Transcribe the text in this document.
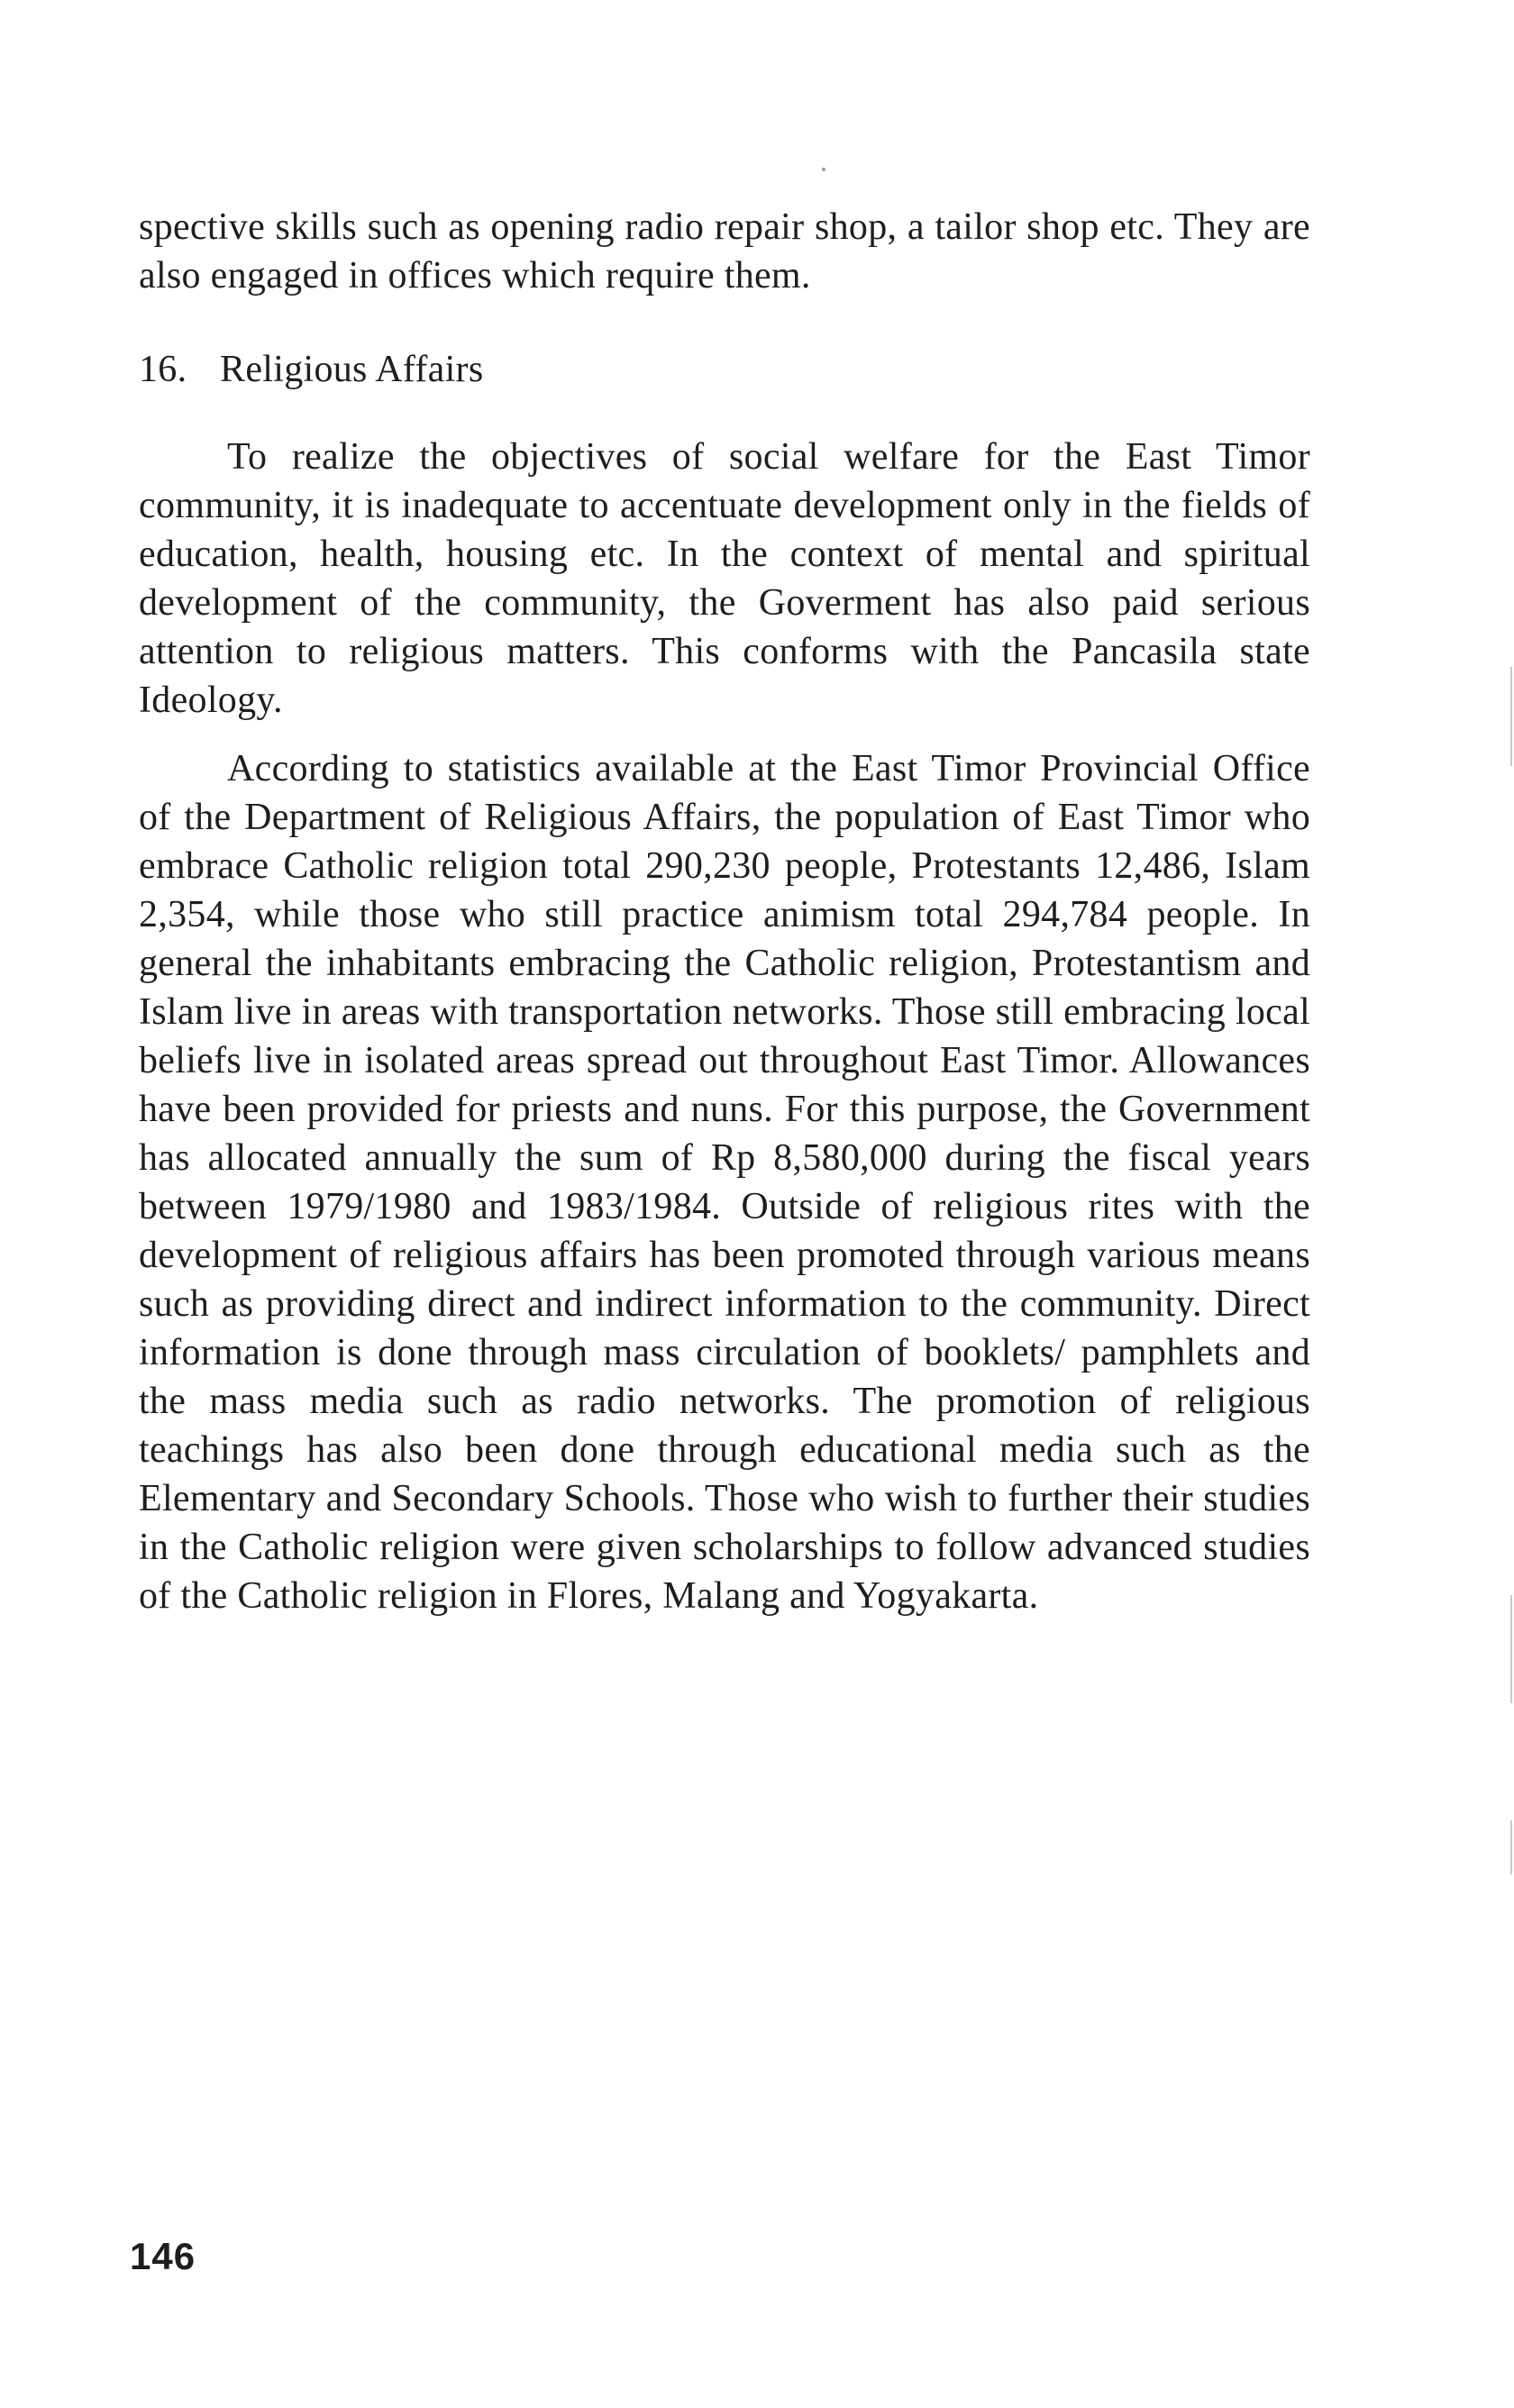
spective skills such as opening radio repair shop, a tailor shop etc. They are also engaged in offices which require them.

16. Religious Affairs

To realize the objectives of social welfare for the East Timor community, it is inadequate to accentuate development only in the fields of education, health, housing etc. In the context of mental and spiritual development of the community, the Goverment has also paid serious attention to religious matters. This conforms with the Pancasila state Ideology.

According to statistics available at the East Timor Provincial Office of the Department of Religious Affairs, the population of East Timor who embrace Catholic religion total 290,230 people, Protestants 12,486, Islam 2,354, while those who still practice animism total 294,784 people. In general the inhabitants embracing the Catholic religion, Protestantism and Islam live in areas with transportation networks. Those still embracing local beliefs live in isolated areas spread out throughout East Timor. Allowances have been provided for priests and nuns. For this purpose, the Government has allocated annually the sum of Rp 8,580,000 during the fiscal years between 1979/1980 and 1983/1984. Outside of religious rites with the development of religious affairs has been promoted through various means such as providing direct and indirect information to the community. Direct information is done through mass circulation of booklets/ pamphlets and the mass media such as radio networks. The promotion of religious teachings has also been done through educational media such as the Elementary and Secondary Schools. Those who wish to further their studies in the Catholic religion were given scholarships to follow advanced studies of the Catholic religion in Flores, Malang and Yogyakarta.

146
